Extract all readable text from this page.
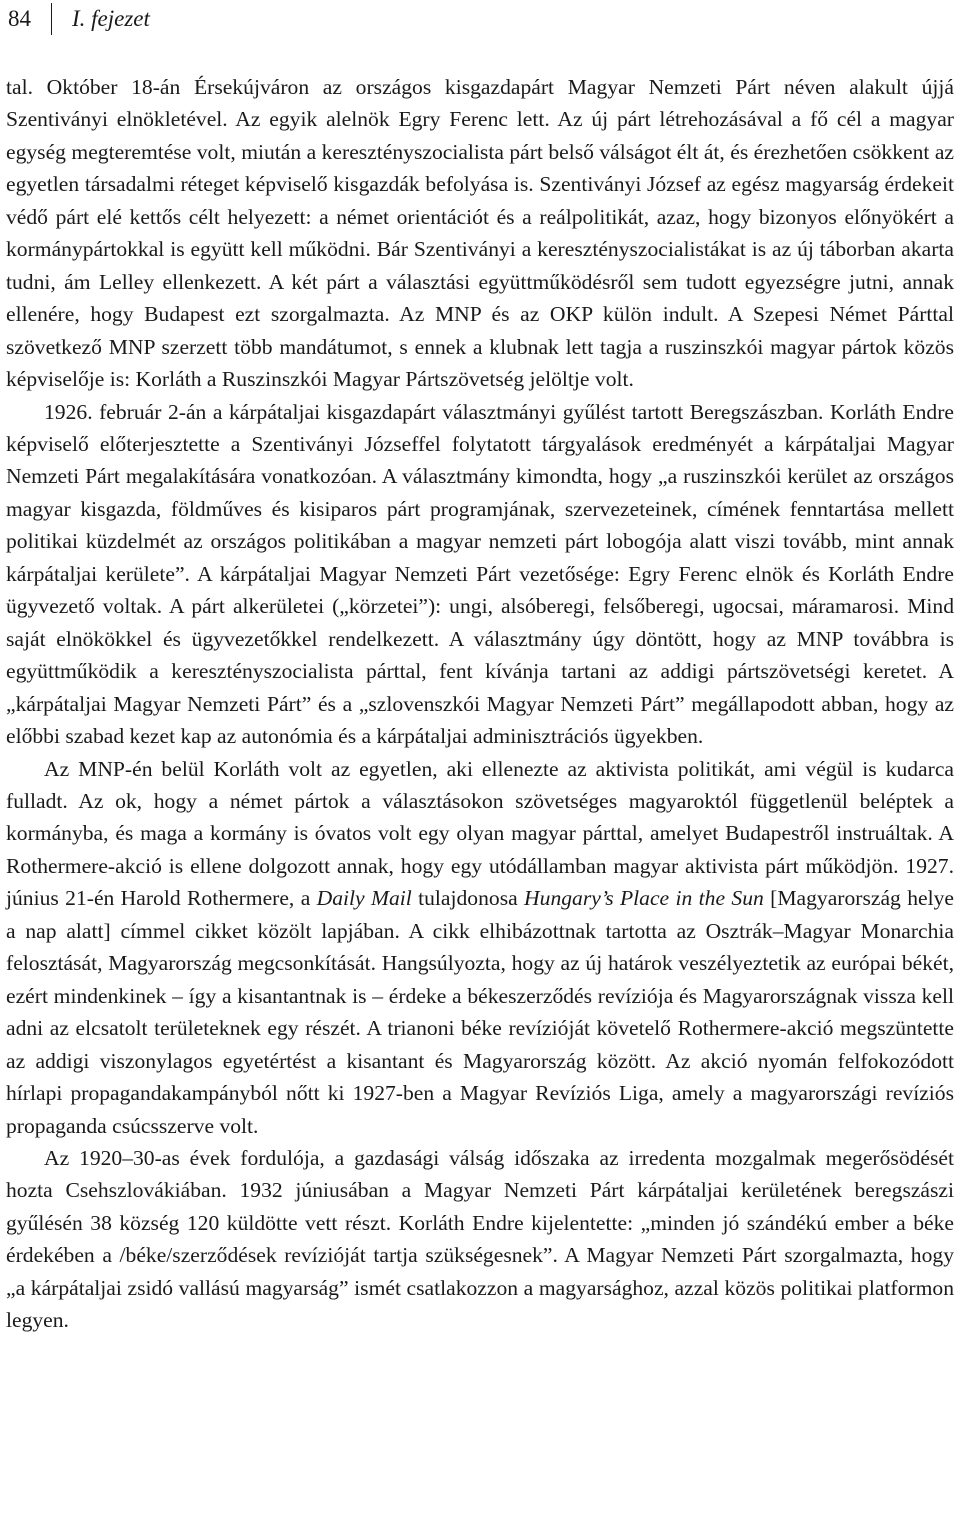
84	I. fejezet

tal. Október 18-án Érsekújváron az országos kisgazdapárt Magyar Nemzeti Párt néven alakult újjá Szentiványi elnökletével. Az egyik alelnök Egry Ferenc lett. Az új párt létrehozásával a fő cél a magyar egység megteremtése volt, miután a keresztényszocialista párt belső válságot élt át, és érezhetően csökkent az egyetlen társadalmi réteget képviselő kisgazdák befolyása is. Szentiványi József az egész magyarság érdekeit védő párt elé kettős célt helyezett: a német orientációt és a reálpolitikát, azaz, hogy bizonyos előnyökért a kormánypártokkal is együtt kell működni. Bár Szentiványi a keresztényszocialistákat is az új táborban akarta tudni, ám Lelley ellenkezett. A két párt a választási együttműködésről sem tudott egyezségre jutni, annak ellenére, hogy Budapest ezt szorgalmazta. Az MNP és az OKP külön indult. A Szepesi Német Párttal szövetkező MNP szerzett több mandátumot, s ennek a klubnak lett tagja a ruszinszkói magyar pártok közös képviselője is: Korláth a Ruszinszkói Magyar Pártszövetség jelöltje volt.

1926. február 2-án a kárpátaljai kisgazdapárt választmányi gyűlést tartott Beregszászban. Korláth Endre képviselő előterjesztette a Szentiványi Józseffel folytatott tárgyalások eredményét a kárpátaljai Magyar Nemzeti Párt megalakítására vonatkozóan. A választmány kimondta, hogy „a ruszinszkói kerület az országos magyar kisgazda, földműves és kisiparos párt programjának, szervezeteinek, címének fenntartása mellett politikai küzdelmét az országos politikában a magyar nemzeti párt lobogója alatt viszi tovább, mint annak kárpátaljai kerülete”. A kárpátaljai Magyar Nemzeti Párt vezetősége: Egry Ferenc elnök és Korláth Endre ügyvezető voltak. A párt alkerületei („körzetei”): ungi, alsóberegi, felsőberegi, ugocsai, máramarosi. Mind saját elnökökkel és ügyvezetőkkel rendelkezett. A választmány úgy döntött, hogy az MNP továbbra is együttműködik a keresztényszocialista párttal, fent kívánja tartani az addigi pártszövetségi keretet. A „kárpátaljai Magyar Nemzeti Párt” és a „szlovenszkói Magyar Nemzeti Párt” megállapodott abban, hogy az előbbi szabad kezet kap az autonómia és a kárpátaljai adminisztrációs ügyekben.

Az MNP-én belül Korláth volt az egyetlen, aki ellenezte az aktivista politikát, ami végül is kudarca fulladt. Az ok, hogy a német pártok a választásokon szövetséges magyaroktól függetlenül beléptek a kormányba, és maga a kormány is óvatos volt egy olyan magyar párttal, amelyet Budapestről instruáltak. A Rothermere-akció is ellene dolgozott annak, hogy egy utódállamban magyar aktivista párt működjön. 1927. június 21-én Harold Rothermere, a Daily Mail tulajdonosa Hungary’s Place in the Sun [Magyarország helye a nap alatt] címmel cikket közölt lapjában. A cikk elhibázottnak tartotta az Osztrák–Magyar Monarchia felosztását, Magyarország megcsonkítását. Hangsúlyozta, hogy az új határok veszélyeztetik az európai békét, ezért mindenkinek – így a kisantantnak is – érdeke a békeszerződés revíziója és Magyarországnak vissza kell adni az elcsatolt területeknek egy részét. A trianoni béke revízióját követelő Rothermere-akció megszüntette az addigi viszonylagos egyetértést a kisantant és Magyarország között. Az akció nyomán felfokozódott hírlapi propagandakampányból nőtt ki 1927-ben a Magyar Revíziós Liga, amely a magyarországi revíziós propaganda csúcsszerve volt.

Az 1920–30-as évek fordulója, a gazdasági válság időszaka az irredenta mozgalmak megerősödését hozta Csehszlovákiában. 1932 júniusában a Magyar Nemzeti Párt kárpátaljai kerületének beregszászi gyűlésén 38 község 120 küldötte vett részt. Korláth Endre kijelentette: „minden jó szándékú ember a béke érdekében a /béke/szerződések revízióját tartja szükségesnek”. A Magyar Nemzeti Párt szorgalmazta, hogy „a kárpátaljai zsidó vallású magyarság” ismét csatlakozzon a magyarsághoz, azzal közös politikai platformon legyen.
